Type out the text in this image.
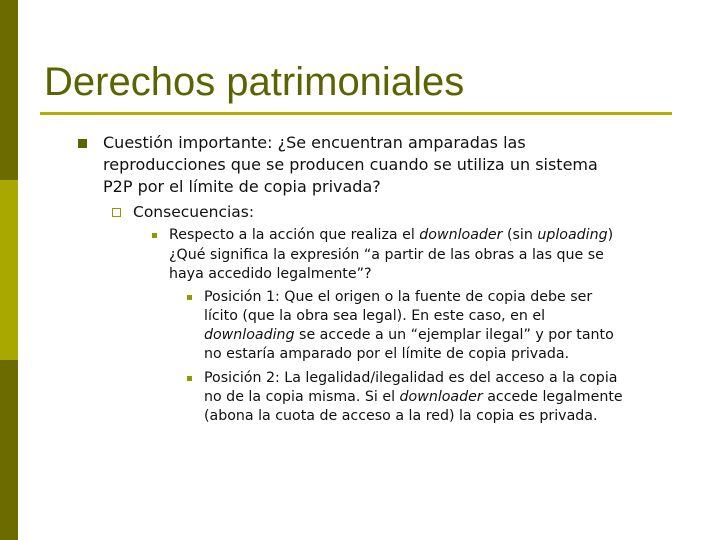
Derechos patrimoniales
Cuestión importante: ¿Se encuentran amparadas las
reproducciones que se producen cuando se utiliza un sistema
P2P por el límite de copia privada?
Consecuencias:
Respecto a la acción que realiza el downloader (sin uploading)
¿Qué significa la expresión “a partir de las obras a las que se
haya accedido legalmente”?
Posición 1: Que el origen o la fuente de copia debe ser
lícito (que la obra sea legal). En este caso, en el
downloading se accede a un “ejemplar ilegal” y por tanto
no estaría amparado por el límite de copia privada.
Posición 2: La legalidad/ilegalidad es del acceso a la copia
no de la copia misma. Si el downloader accede legalmente
(abona la cuota de acceso a la red) la copia es privada.
